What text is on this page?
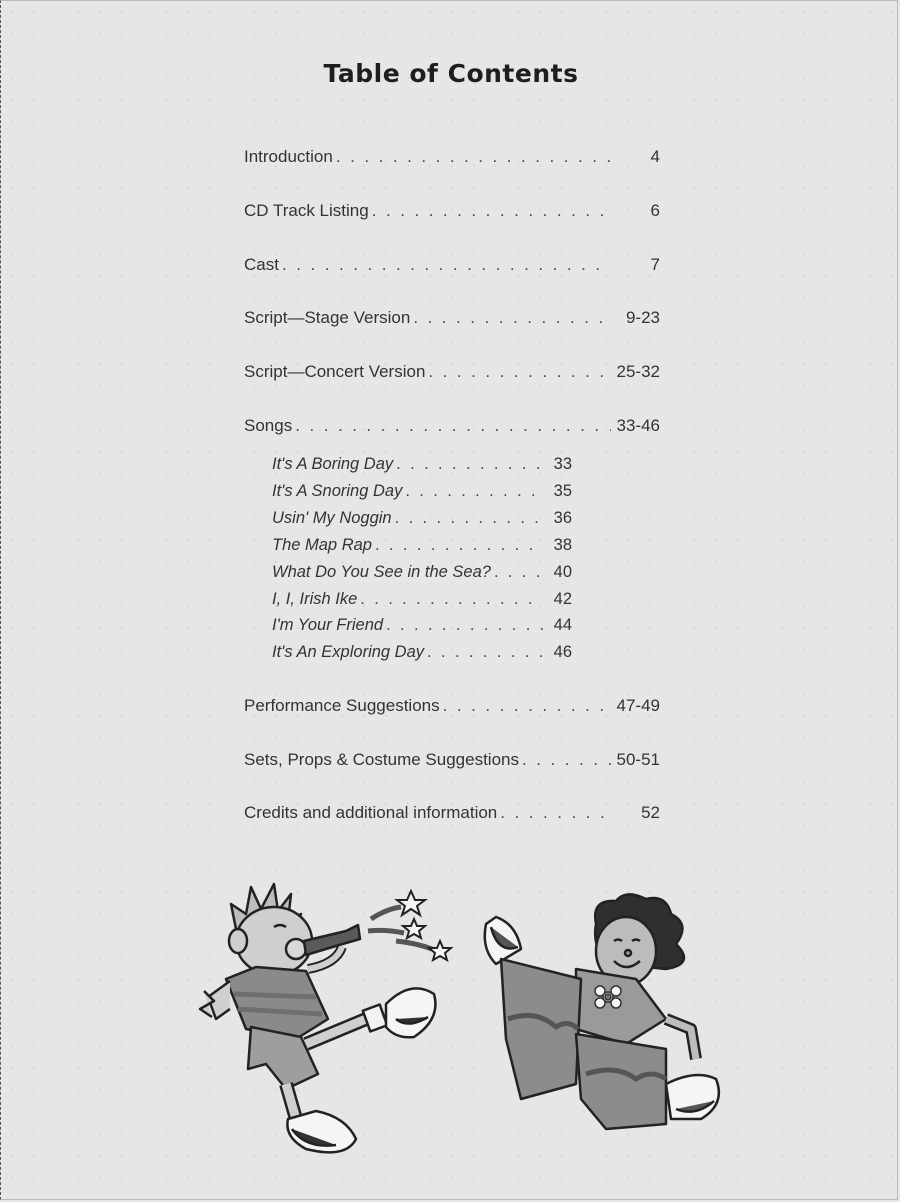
Table of Contents
Introduction . . .	4
CD Track Listing . . .	6
Cast . . .	7
Script—Stage Version . . .	9-23
Script—Concert Version . . .	25-32
Songs . . .	33-46
It's A Boring Day . . .	33
It's A Snoring Day . . .	35
Usin' My Noggin . . .	36
The Map Rap . . .	38
What Do You See in the Sea? . . .	40
I, I, Irish Ike . . .	42
I'm Your Friend . . .	44
It's An Exploring Day . . .	46
Performance Suggestions . . .	47-49
Sets, Props & Costume Suggestions . . .	50-51
Credits and additional information . . .	52
